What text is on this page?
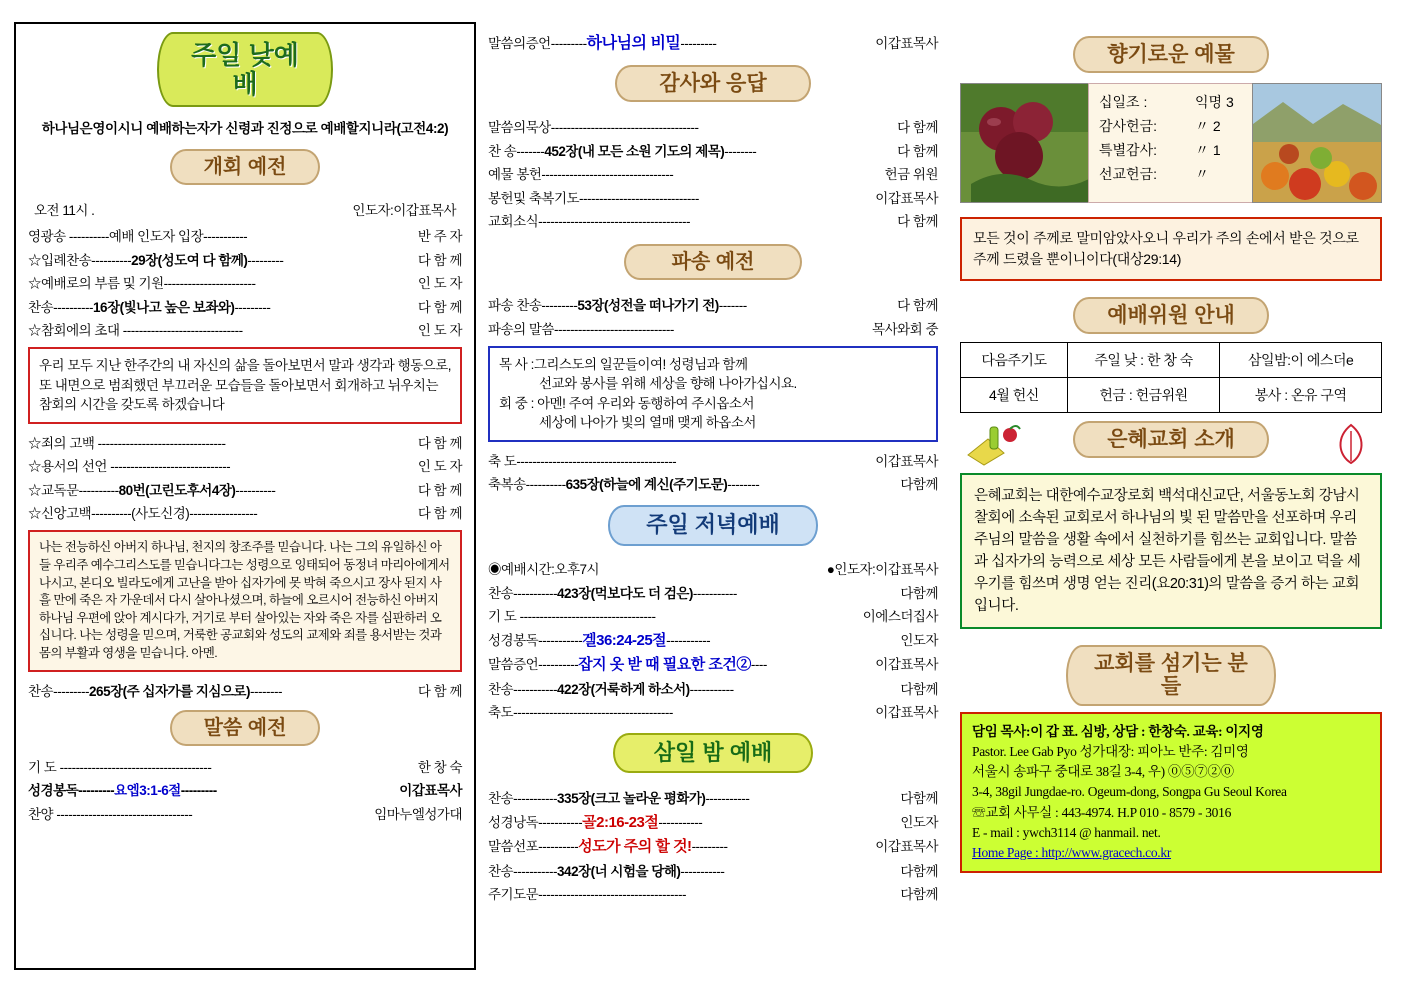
주일 낮예배
하나님은영이시니 예배하는자가 신령과 진정으로 예배할지니라(고전4:2)
개회 예전
오전 11시 .	인도자:이갑표목사
영광송 ----------예배 인도자 입장-----------	반 주 자
☆입례찬송---------- 29장(성도여 다 함께) ---------	다 함 께
☆예배로의 부름 및 기원-----------------------	인 도 자
찬송---------- 16장(빛나고 높은 보좌와) ---------	다 함 께
☆참회에의 초대 ------------------------------	인 도 자
우리 모두 지난 한주간의 내 자신의 삶을 돌아보면서 말과 생각과 행동으로, 또 내면으로 범죄했던 부끄러운 모습들을 돌아보면서 회개하고 뉘우치는 참회의 시간을 갖도록 하겠습니다
☆죄의 고백 --------------------------------	다 함 께
☆용서의 선언 ------------------------------	인 도 자
☆교독문---------- 80번(고린도후서4장) ----------	다 함 께
☆신앙고백----------(사도신경)-----------------	다 함 께
나는 전능하신 아버지 하나님, 천지의 창조주를 믿습니다. 나는 그의 유일하신 아들 우리주 예수그리스도를 믿습니다그는 성령으로 잉태되어 동정녀 마리아에게서 나시고, 본디오 빌라도에게 고난을 받아 십자가에 못 박혀 죽으시고 장사 된지 사흘 만에 죽은 자 가운데서 다시 살아나셨으며, 하늘에 오르시어 전능하신 아버지 하나님 우편에 앉아 계시다가, 거기로 부터 살아있는 자와 죽은 자를 심판하러 오십니다. 나는 성령을 믿으며, 거룩한 공교회와 성도의 교제와 죄를 용서받는 것과 몸의 부활과 영생을 믿습니다. 아멘.
찬송--------- 265장(주 십자가를 지심으로) --------	다 함 께
말씀 예전
기 도 --------------------------------------	한 창 숙
성경봉독--------- 요엡3:1-6절 ---------	이갑표목사
찬양 ----------------------------------	임마누엘성가대
말씀의증언--------- 하나님의 비밀 ---------	이갑표목사
감사와 응답
말씀의묵상-------------------------------------	다 함께
찬 송------- 452장(내 모든 소원 기도의 제목) --------	다 함께
예물 봉헌---------------------------------	헌금 위원
봉헌및 축복기도------------------------------	이갑표목사
교회소식--------------------------------------	다 함께
파송 예전
파송 찬송--------- 53장(성전을 떠나가기 전) -------	다 함께
파송의 말씀------------------------------	목사와회 중
목 사 :그리스도의 일꾼들이여! 성령님과 함께
선교와 봉사를 위해 세상을 향해 나아가십시요.
회 중 : 아멘! 주여 우리와 동행하여 주시옵소서
세상에 나아가 빛의 열매 맺게 하옵소서
축 도----------------------------------------	이갑표목사
축복송---------- 635장(하늘에 계신(주기도문) --------	다함께
주일 저녁예배
◉예배시간:오후7시	●인도자:이갑표목사
찬송----------- 423장(먹보다도 더 검은) -----------	다함께
기 도 ----------------------------------	이에스더집사
성경봉독----------- 겔36:24-25절 -----------	인도자
말씀증언---------- 잡지 옷 받 때 필요한 조건② ----	이갑표목사
찬송----------- 422장(거룩하게 하소서) -----------	다함께
축도----------------------------------------	이갑표목사
삼일 밤 예배
찬송----------- 335장(크고 놀라운 평화가) -----------	다함께
성경낭독----------- 골2:16-23절 -----------	인도자
말씀선포---------- 성도가 주의 할 것! ---------	이갑표목사
찬송----------- 342장(너 시험을 당해) -----------	다함께
주기도문-------------------------------------	다함께
향기로운 예물
십일조 :	익명 3
감사헌금:	〃 2
특별감사:	〃 1
선교헌금:	〃
모든 것이 주께로 말미암았사오니 우리가 주의 손에서 받은 것으로 주께 드렸을 뿐이니이다(대상29:14)
예배위원 안내
다음주기도	주일 낮 : 한 창 숙	삼일밤:이 에스더e
4월 헌신	헌금 : 헌금위원	봉사 : 온유 구역
은혜교회 소개
은혜교회는 대한예수교장로회 백석대신교단, 서울동노회 강남시찰회에 소속된 교회로서 하나님의 빛 된 말씀만을 선포하며 우리 주님의 말씀을 생활 속에서 실천하기를 힘쓰는 교회입니다. 말씀과 십자가의 능력으로 세상 모든 사람들에게 본을 보이고 덕을 세우기를 힘쓰며 생명 얻는 진리(요20:31)의 말씀을 증거 하는 교회입니다.
교회를 섬기는 분들
담임 목사:이 갑 표. 심방, 상담 : 한창숙. 교육: 이지영
Pastor. Lee Gab Pyo 성가대장: 피아노 반주: 김미영
서울시 송파구 중대로 38길 3-4, 우) ⓪⑤⑦②⓪
3-4, 38gil Jungdae-ro. Ogeum-dong, Songpa Gu Seoul Korea
☏교회 사무실 : 443-4974. H.P 010 - 8579 - 3016
E - mail : ywch3114 @ hanmail. net.
Home Page : http://www.gracech.co.kr
